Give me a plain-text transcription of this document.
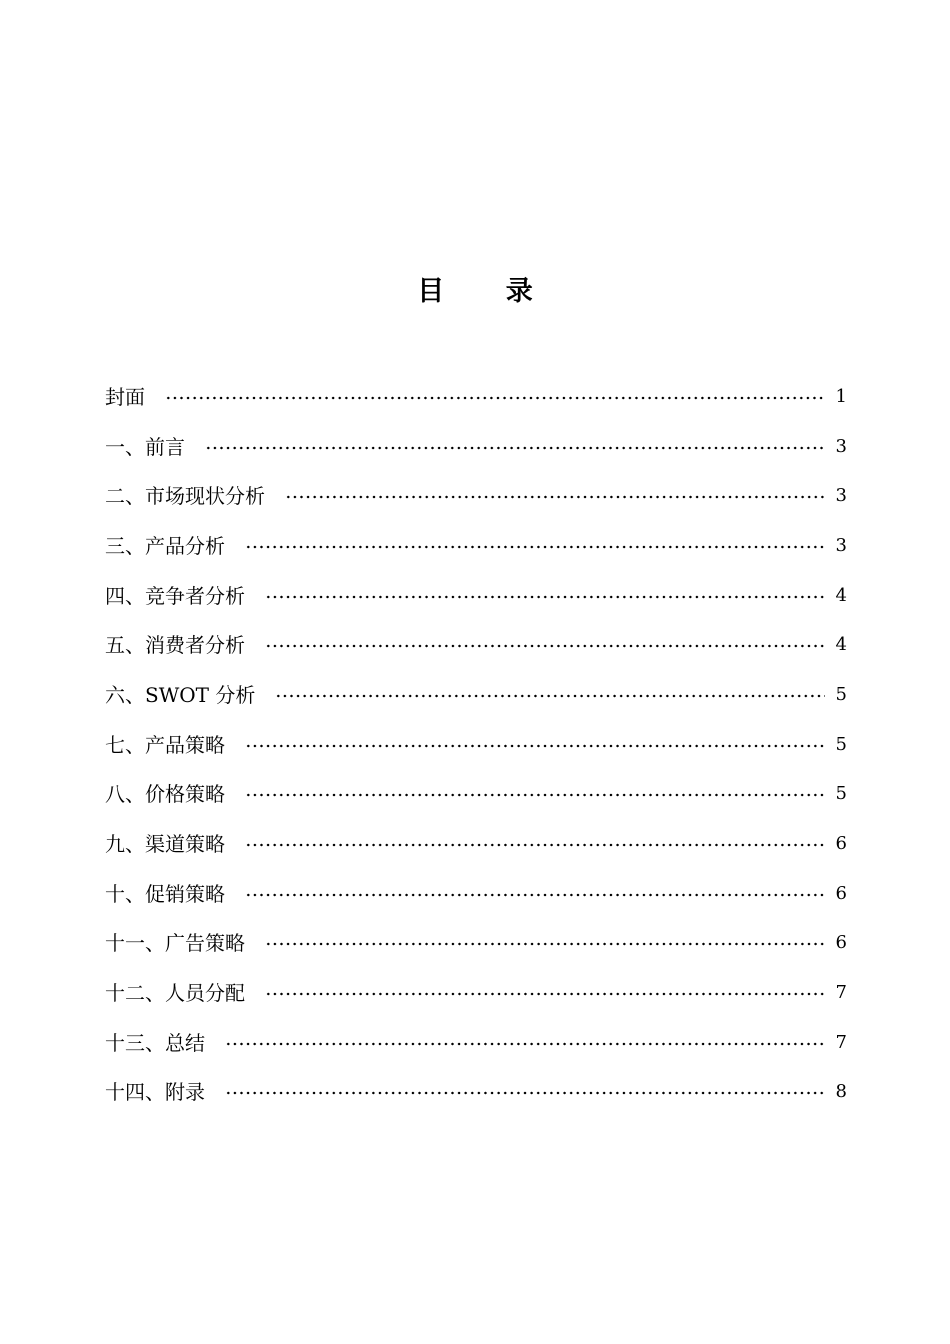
目 录
封面	1
一、前言	3
二、市场现状分析	3
三、产品分析	3
四、竞争者分析	4
五、消费者分析	4
六、SWOT 分析	5
七、产品策略	5
八、价格策略	5
九、渠道策略	6
十、促销策略	6
十一、广告策略	6
十二、人员分配	7
十三、总结	7
十四、附录	8
